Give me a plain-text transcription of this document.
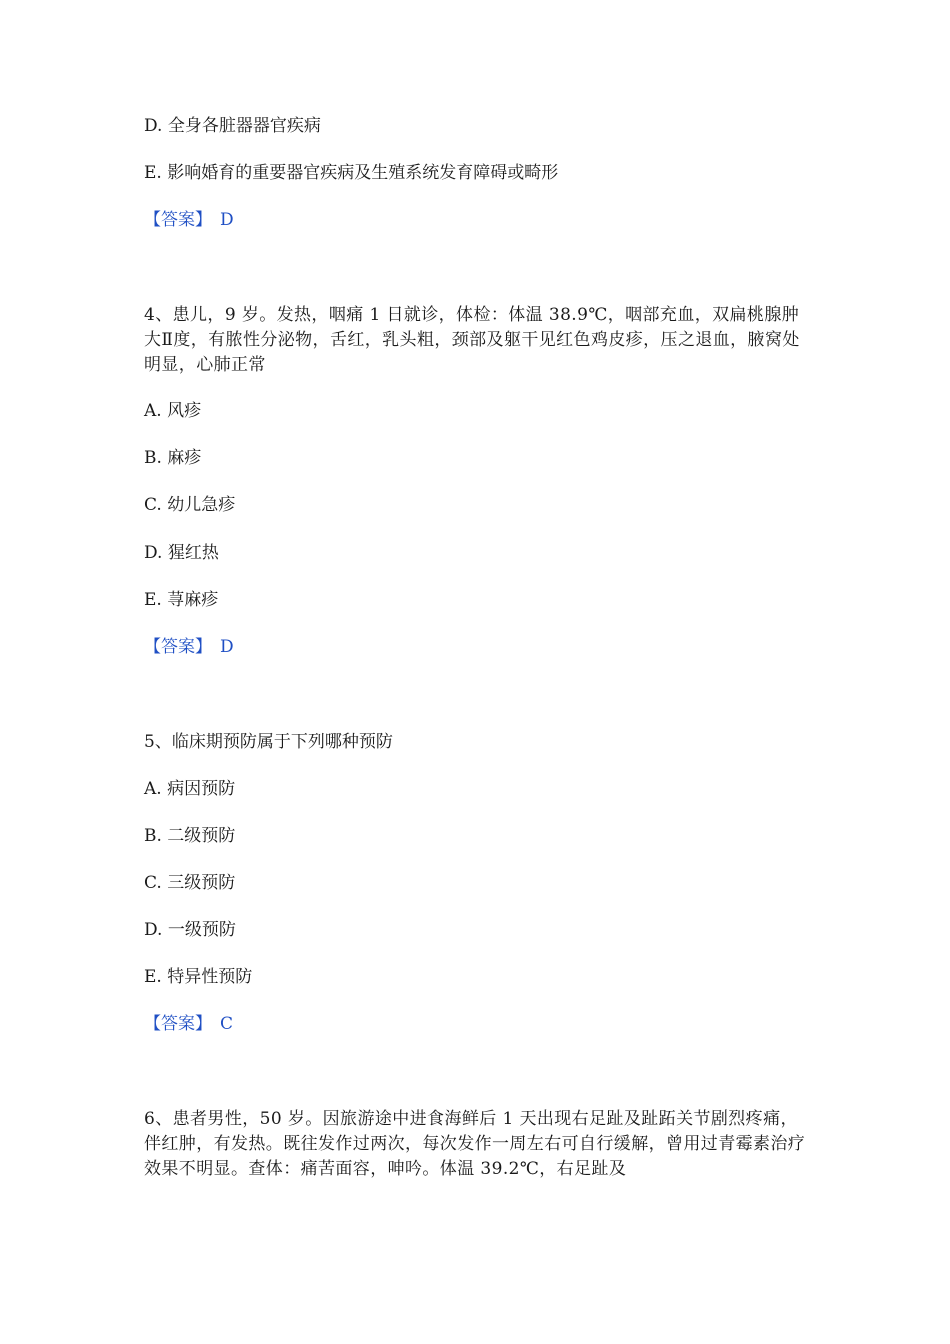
D. 全身各脏器器官疾病
E. 影响婚育的重要器官疾病及生殖系统发育障碍或畸形
【答案】 D
4、患儿，9 岁。发热，咽痛 1 日就诊，体检：体温 38.9℃，咽部充血，双扁桃腺肿大Ⅱ度，有脓性分泌物，舌红，乳头粗，颈部及躯干见红色鸡皮疹，压之退血，腋窝处明显，心肺正常
A. 风疹
B. 麻疹
C. 幼儿急疹
D. 猩红热
E. 荨麻疹
【答案】 D
5、临床期预防属于下列哪种预防
A. 病因预防
B. 二级预防
C. 三级预防
D. 一级预防
E. 特异性预防
【答案】 C
6、患者男性，50 岁。因旅游途中进食海鲜后 1 天出现右足趾及趾跖关节剧烈疼痛，伴红肿，有发热。既往发作过两次，每次发作一周左右可自行缓解，曾用过青霉素治疗效果不明显。查体：痛苦面容，呻吟。体温 39.2℃，右足趾及
